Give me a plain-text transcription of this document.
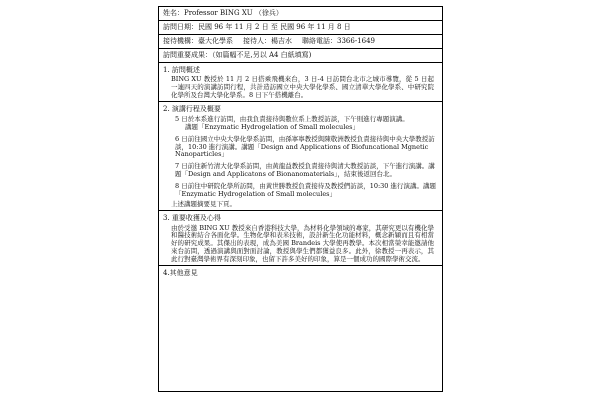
姓名：Professor BING XU （徐兵）
訪問日期：民國 96 年 11 月 2 日 至 民國 96 年 11 月 8 日
接待機構：臺大化學系 接待人：楊吉水 聯絡電話：3366-1649
訪問重要成果：（如篇幅不足,另以 A4 白紙填寫)
1. 訪問概述
BING XU 教授於 11 月 2 日搭乘飛機來台，3 日-4 日訪問台北市之城市導覽，從 5 日起一連四天的演講訪問行程，共計造訪國立中央大學化學系、國立清華大學化學系、中研究院化學所及台灣大學化學系。8 日下午搭機離台。
2. 演講行程及概要
5 日於本系進行訪問，由我負責接待與數位系上教授訪談，下午則進行專題演講。
講題「Enzymatic Hydrogelation of Small molecules」
6 日前往國立中央大學化學系訪問，由孫寧寧教授與陳敬洲教授負責接待與中央大學教授訪談，10:30 進行演講。講題「Design and Applications of Biofuncational Mgnetic Nanoparticles」
7 日前往新竹清大化學系訪問，由黃龍益教授負責接待與清大教授訪談，下午進行演講。講題「Design and Applicatons of Bionanomaterials」，結束後返回台北。
8 日前往中研院化學所訪問，由黃世勝教授負責接待及教授們訪談，10:30 進行演講。講題「Enzymatic Hydrogelation of Small molecules」
上述講題摘要見下頁。
3. 重要收獲及心得
由於受邀 BING XU 教授來自香港科技大學，為材料化學領域的專家，其研究更以有機化學和醫技術結合各面化學。生物化學和表米技術，設計新生化功能材料，概念新穎而且有相當好的研究成果。其傑出的表現，成為美國 Brandeis 大學使再教學。本次相當榮幸能邀請他來台訪問，透過演講與面對面討論，教授與學生們都獲益良多。此外，徐教授一再表示，其此行對臺灣學術界有深刻印象，也留下許多美好的印象，算是一個成功的國際學術交流。
4.其他意見
